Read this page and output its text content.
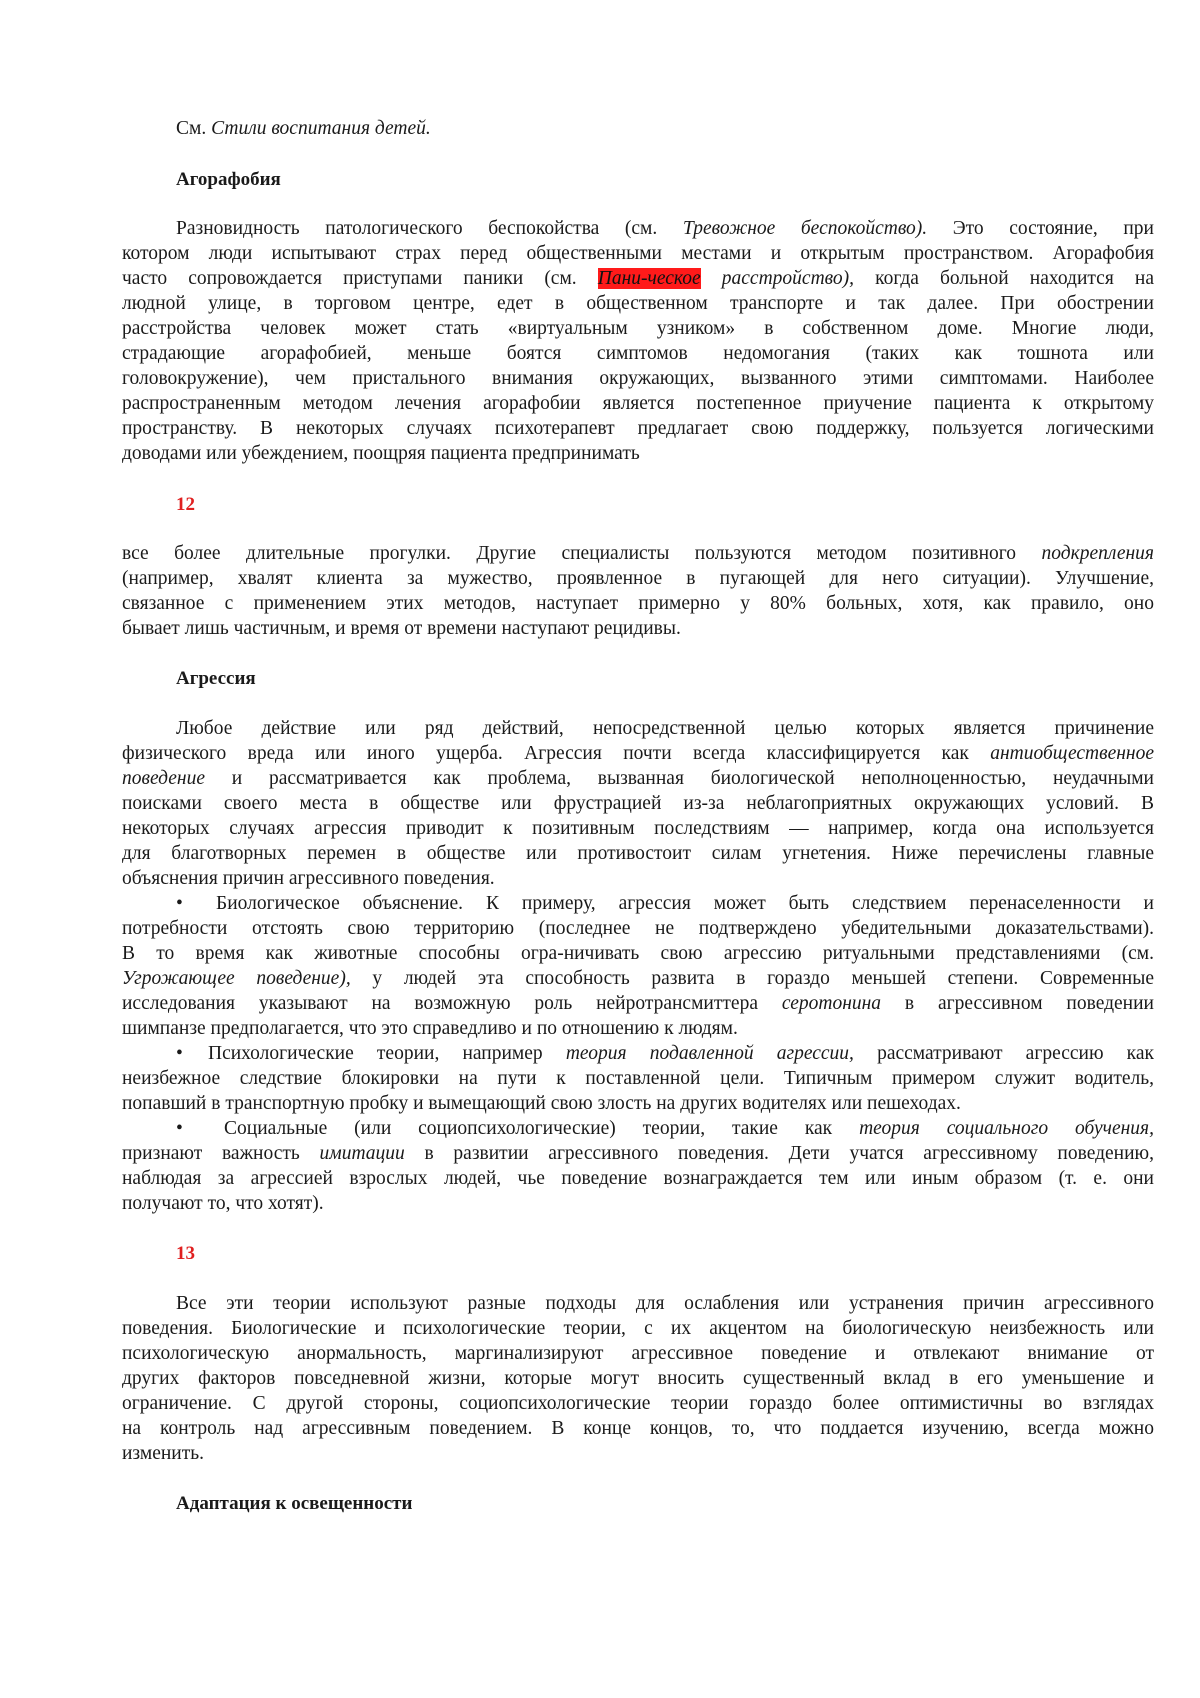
См. Стили воспитания детей.
Агорафобия
Разновидность патологического беспокойства (см. Тревожное беспокойство). Это состояние, при
котором люди испытывают страх перед общественными местами и открытым пространством. Агорафобия
часто сопровождается приступами паники (см. Пани-ческое расстройство), когда больной находится на
людной улице, в торговом центре, едет в общественном транспорте и так далее. При обострении
расстройства человек может стать «виртуальным узником» в собственном доме. Многие люди,
страдающие агорафобией, меньше боятся симптомов недомогания (таких как тошнота или
головокружение), чем пристального внимания окружающих, вызванного этими симптомами. Наиболее
распространенным методом лечения агорафобии является постепенное приучение пациента к открытому
пространству. В некоторых случаях психотерапевт предлагает свою поддержку, пользуется логическими
доводами или убеждением, поощряя пациента предпринимать
12
все более длительные прогулки. Другие специалисты пользуются методом позитивного подкрепления
(например, хвалят клиента за мужество, проявленное в пугающей для него ситуации). Улучшение,
связанное с применением этих методов, наступает примерно у 80% больных, хотя, как правило, оно
бывает лишь частичным, и время от времени наступают рецидивы.
Агрессия
Любое действие или ряд действий, непосредственной целью которых является причинение
физического вреда или иного ущерба. Агрессия почти всегда классифицируется как антиобщественное
поведение и рассматривается как проблема, вызванная биологической неполноценностью, неудачными
поисками своего места в обществе или фрустрацией из-за неблагоприятных окружающих условий. В
некоторых случаях агрессия приводит к позитивным последствиям — например, когда она используется
для благотворных перемен в обществе или противостоит силам угнетения. Ниже перечислены главные
объяснения причин агрессивного поведения.
• Биологическое объяснение. К примеру, агрессия может быть следствием перенаселенности и
потребности отстоять свою территорию (последнее не подтверждено убедительными доказательствами).
В то время как животные способны огра-ничивать свою агрессию ритуальными представлениями (см.
Угрожающее поведение), у людей эта способность развита в гораздо меньшей степени. Современные
исследования указывают на возможную роль нейротрансмиттера серотонина в агрессивном поведении
шимпанзе предполагается, что это справедливо и по отношению к людям.
• Психологические теории, например теория подавленной агрессии, рассматривают агрессию как
неизбежное следствие блокировки на пути к поставленной цели. Типичным примером служит водитель,
попавший в транспортную пробку и вымещающий свою злость на других водителях или пешеходах.
• Социальные (или социопсихологические) теории, такие как теория социального обучения,
признают важность имитации в развитии агрессивного поведения. Дети учатся агрессивному поведению,
наблюдая за агрессией взрослых людей, чье поведение вознаграждается тем или иным образом (т. е. они
получают то, что хотят).
13
Все эти теории используют разные подходы для ослабления или устранения причин агрессивного
поведения. Биологические и психологические теории, с их акцентом на биологическую неизбежность или
психологическую анормальность, маргинализируют агрессивное поведение и отвлекают внимание от
других факторов повседневной жизни, которые могут вносить существенный вклад в его уменьшение и
ограничение. С другой стороны, социопсихологические теории гораздо более оптимистичны во взглядах
на контроль над агрессивным поведением. В конце концов, то, что поддается изучению, всегда можно
изменить.
Адаптация к освещенности
